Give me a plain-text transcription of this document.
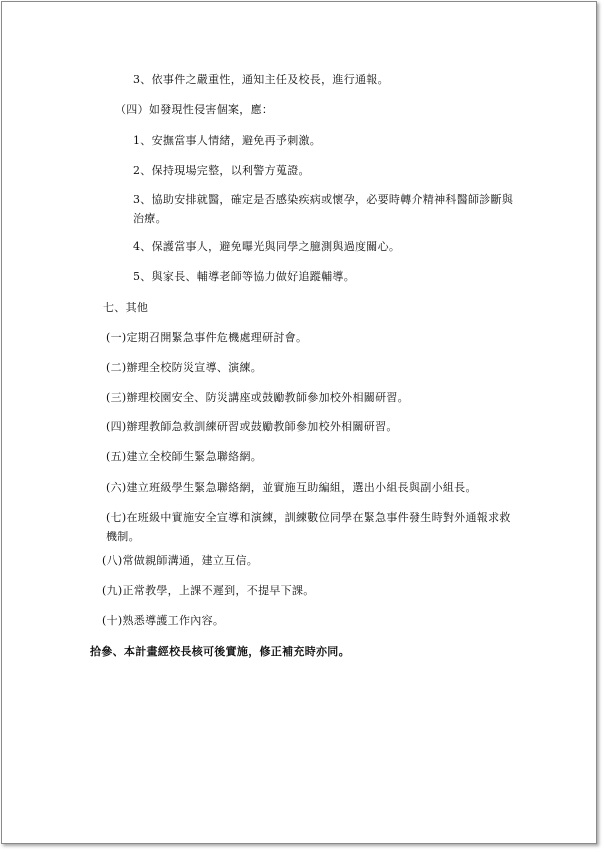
3、依事件之嚴重性，通知主任及校長，進行通報。
（四）如發現性侵害個案，應：
1、安撫當事人情緒，避免再予刺激。
2、保持現場完整，以利警方蒐證。
3、協助安排就醫，確定是否感染疾病或懷孕，必要時轉介精神科醫師診斷與治療。
4、保護當事人，避免曝光與同學之臆測與過度關心。
5、與家長、輔導老師等協力做好追蹤輔導。
七、其他
(一)定期召開緊急事件危機處理研討會。
(二)辦理全校防災宣導、演練。
(三)辦理校園安全、防災講座或鼓勵教師參加校外相關研習。
(四)辦理教師急救訓練研習或鼓勵教師參加校外相關研習。
(五)建立全校師生緊急聯絡網。
(六)建立班級學生緊急聯絡網，並實施互助編組，選出小組長與副小組長。
(七)在班級中實施安全宣導和演練，訓練數位同學在緊急事件發生時對外通報求救機制。
(八)常做親師溝通，建立互信。
(九)正常教學，上課不遲到，不提早下課。
(十)熟悉導護工作內容。
拾參、本計畫經校長核可後實施，修正補充時亦同。
